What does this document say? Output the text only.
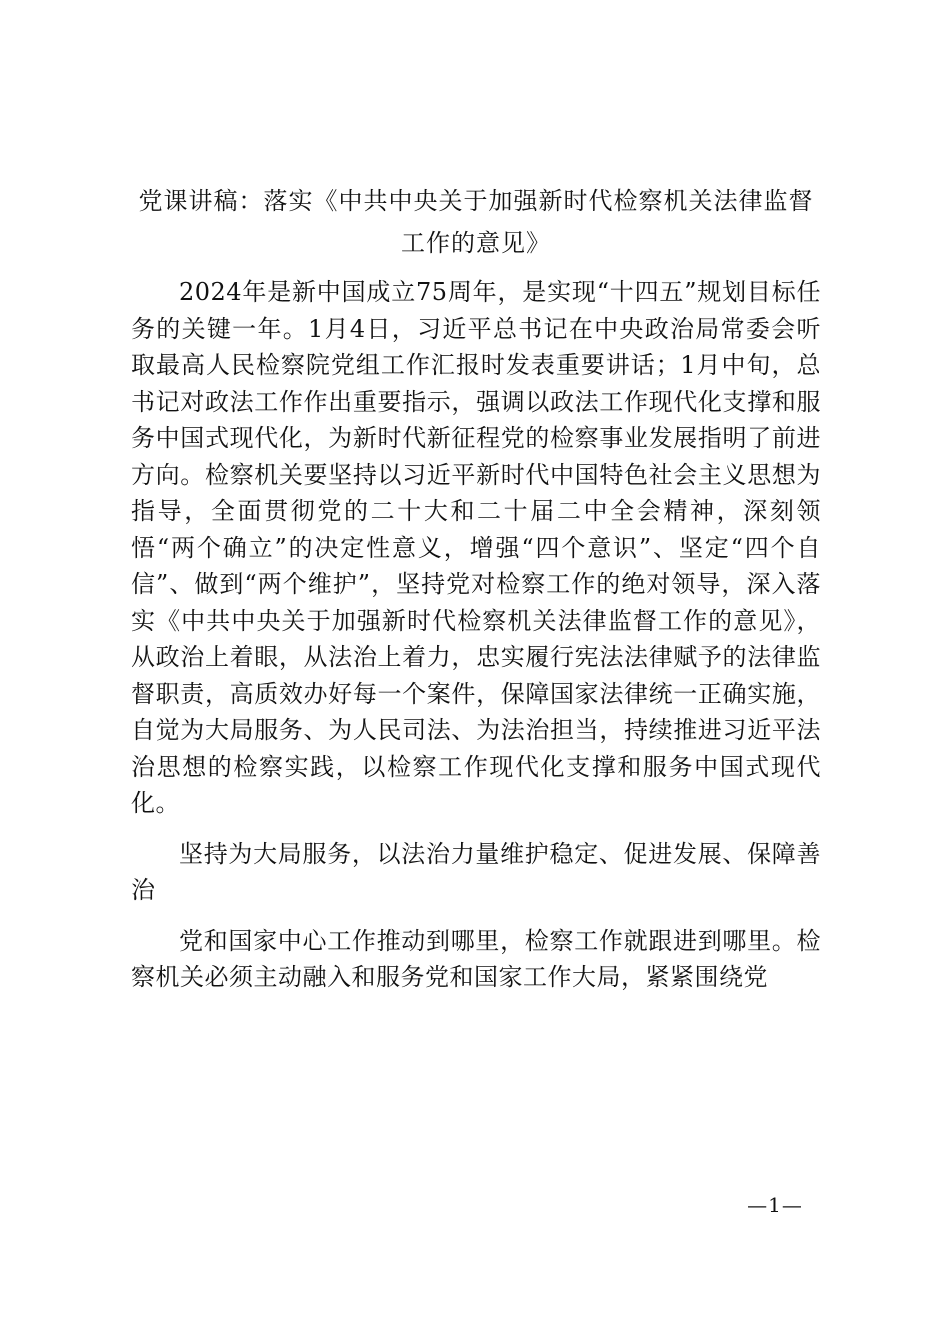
党课讲稿：落实《中共中央关于加强新时代检察机关法律监督工作的意见》

2024年是新中国成立75周年，是实现“十四五”规划目标任务的关键一年。1月4日，习近平总书记在中央政治局常委会听取最高人民检察院党组工作汇报时发表重要讲话；1月中旬，总书记对政法工作作出重要指示，强调以政法工作现代化支撑和服务中国式现代化，为新时代新征程党的检察事业发展指明了前进方向。检察机关要坚持以习近平新时代中国特色社会主义思想为指导，全面贯彻党的二十大和二十届二中全会精神，深刻领悟“两个确立”的决定性意义，增强“四个意识”、坚定“四个自信”、做到“两个维护”，坚持党对检察工作的绝对领导，深入落实《中共中央关于加强新时代检察机关法律监督工作的意见》，从政治上着眼，从法治上着力，忠实履行宪法法律赋予的法律监督职责，高质效办好每一个案件，保障国家法律统一正确实施，自觉为大局服务、为人民司法、为法治担当，持续推进习近平法治思想的检察实践，以检察工作现代化支撑和服务中国式现代化。

坚持为大局服务，以法治力量维护稳定、促进发展、保障善治

党和国家中心工作推动到哪里，检察工作就跟进到哪里。检察机关必须主动融入和服务党和国家工作大局，紧紧围绕党

—1—
